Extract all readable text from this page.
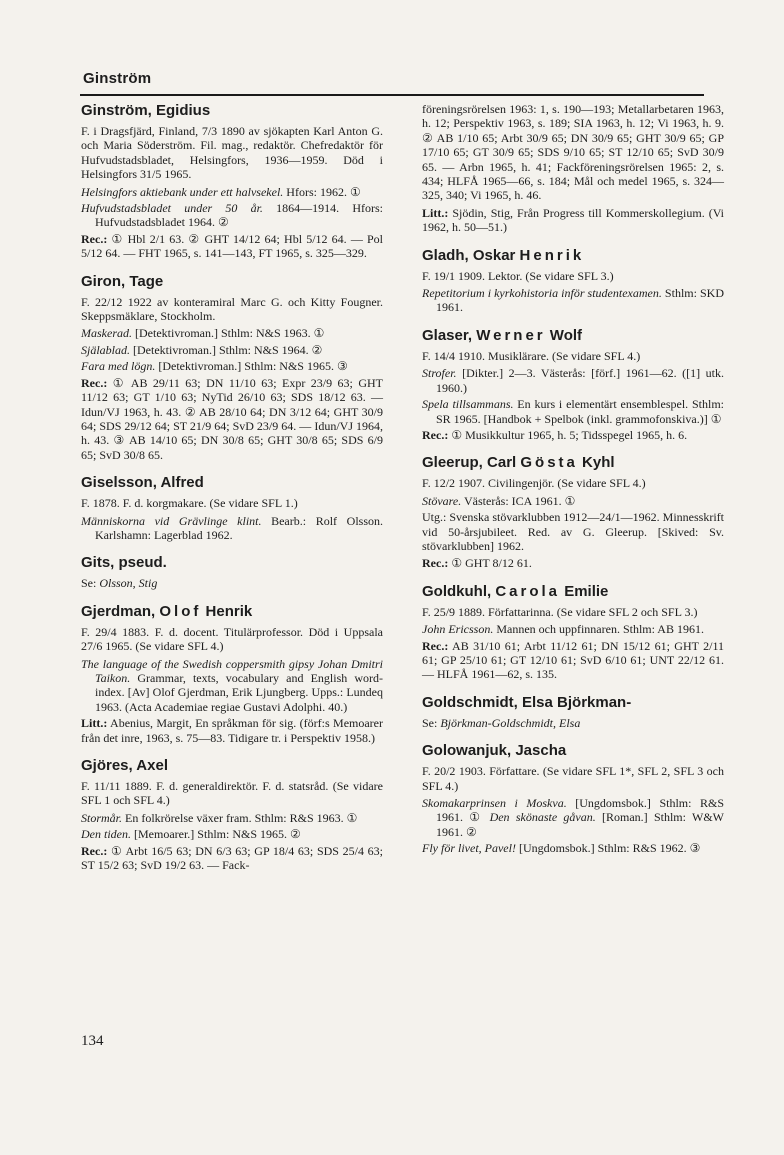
Ginström
Ginström, Egidius
F. i Dragsfjärd, Finland, 7/3 1890 av sjökapten Karl Anton G. och Maria Söderström. Fil. mag., redaktör. Chefredaktör för Hufvudstadsbladet, Helsingfors, 1936—1959. Död i Helsingfors 31/5 1965.
Helsingfors aktiebank under ett halvsekel. Hfors: 1962. ①
Hufvudstadsbladet under 50 år. 1864—1914. Hfors: Hufvudstadsbladet 1964. ②
Rec.: ① Hbl 2/1 63. ② GHT 14/12 64; Hbl 5/12 64. — Pol 5/12 64. — FHT 1965, s. 141—143, FT 1965, s. 325—329.
Giron, Tage
F. 22/12 1922 av konteramiral Marc G. och Kitty Fougner. Skeppsmäklare, Stockholm.
Maskerad. [Detektivroman.] Sthlm: N&S 1963. ①
Själablad. [Detektivroman.] Sthlm: N&S 1964. ②
Fara med lögn. [Detektivroman.] Sthlm: N&S 1965. ③
Rec.: ① AB 29/11 63; DN 11/10 63; Expr 23/9 63; GHT 11/12 63; GT 1/10 63; NyTid 26/10 63; SDS 18/12 63. — Idun/VJ 1963, h. 43. ② AB 28/10 64; DN 3/12 64; GHT 30/9 64; SDS 29/12 64; ST 21/9 64; SvD 23/9 64. — Idun/VJ 1964, h. 43. ③ AB 14/10 65; DN 30/8 65; GHT 30/8 65; SDS 6/9 65; SvD 30/8 65.
Giselsson, Alfred
F. 1878. F. d. korgmakare. (Se vidare SFL 1.)
Människorna vid Grävlinge klint. Bearb.: Rolf Olsson. Karlshamn: Lagerblad 1962.
Gits, pseud.
Se: Olsson, Stig
Gjerdman, Olof Henrik
F. 29/4 1883. F. d. docent. Titulärprofessor. Död i Uppsala 27/6 1965. (Se vidare SFL 4.)
The language of the Swedish coppersmith gipsy Johan Dmitri Taikon. Grammar, texts, vocabulary and English word-index. [Av] Olof Gjerdman, Erik Ljungberg. Upps.: Lundeq 1963. (Acta Academiae regiae Gustavi Adolphi. 40.)
Litt.: Abenius, Margit, En språkman för sig. (förf:s Memoarer från det inre, 1963, s. 75—83. Tidigare tr. i Perspektiv 1958.)
Gjöres, Axel
F. 11/11 1889. F. d. generaldirektör. F. d. statsråd. (Se vidare SFL 1 och SFL 4.)
Stormår. En folkrörelse växer fram. Sthlm: R&S 1963. ①
Den tiden. [Memoarer.] Sthlm: N&S 1965. ②
Rec.: ① Arbt 16/5 63; DN 6/3 63; GP 18/4 63; SDS 25/4 63; ST 15/2 63; SvD 19/2 63. — Fack-
föreningsrörelsen 1963: 1, s. 190—193; Metallarbetaren 1963, h. 12; Perspektiv 1963, s. 189; SIA 1963, h. 12; Vi 1963, h. 9. ② AB 1/10 65; Arbt 30/9 65; DN 30/9 65; GHT 30/9 65; GP 17/10 65; GT 30/9 65; SDS 9/10 65; ST 12/10 65; SvD 30/9 65. — Arbn 1965, h. 41; Fackföreningsrörelsen 1965: 2, s. 434; HLFÅ 1965—66, s. 184; Mål och medel 1965, s. 324—325, 340; Vi 1965, h. 46.
Litt.: Sjödin, Stig, Från Progress till Kommerskollegium. (Vi 1962, h. 50—51.)
Gladh, Oskar Henrik
F. 19/1 1909. Lektor. (Se vidare SFL 3.)
Repetitorium i kyrkohistoria inför studentexamen. Sthlm: SKD 1961.
Glaser, Werner Wolf
F. 14/4 1910. Musiklärare. (Se vidare SFL 4.)
Strofer. [Dikter.] 2—3. Västerås: [förf.] 1961—62. ([1] utk. 1960.)
Spela tillsammans. En kurs i elementärt ensemblespel. Sthlm: SR 1965. [Handbok + Spelbok (inkl. grammofonskiva.)] ①
Rec.: ① Musikkultur 1965, h. 5; Tidsspegel 1965, h. 6.
Gleerup, Carl Gösta Kyhl
F. 12/2 1907. Civilingenjör. (Se vidare SFL 4.)
Stövare. Västerås: ICA 1961. ①
Utg.: Svenska stövarklubben 1912—24/1—1962. Minnesskrift vid 50-årsjubileet. Red. av G. Gleerup. [Skived: Sv. stövarklubben] 1962.
Rec.: ① GHT 8/12 61.
Goldkuhl, Carola Emilie
F. 25/9 1889. Författarinna. (Se vidare SFL 2 och SFL 3.)
John Ericsson. Mannen och uppfinnaren. Sthlm: AB 1961.
Rec.: AB 31/10 61; Arbt 11/12 61; DN 15/12 61; GHT 2/11 61; GP 25/10 61; GT 12/10 61; SvD 6/10 61; UNT 22/12 61. — HLFÅ 1961—62, s. 135.
Goldschmidt, Elsa Björkman-
Se: Björkman-Goldschmidt, Elsa
Golowanjuk, Jascha
F. 20/2 1903. Författare. (Se vidare SFL 1*, SFL 2, SFL 3 och SFL 4.)
Skomakarprinsen i Moskva. [Ungdomsbok.] Sthlm: R&S 1961. ① Den skönaste gåvan. [Roman.] Sthlm: W&W 1961. ②
Fly för livet, Pavel! [Ungdomsbok.] Sthlm: R&S 1962. ③
134
